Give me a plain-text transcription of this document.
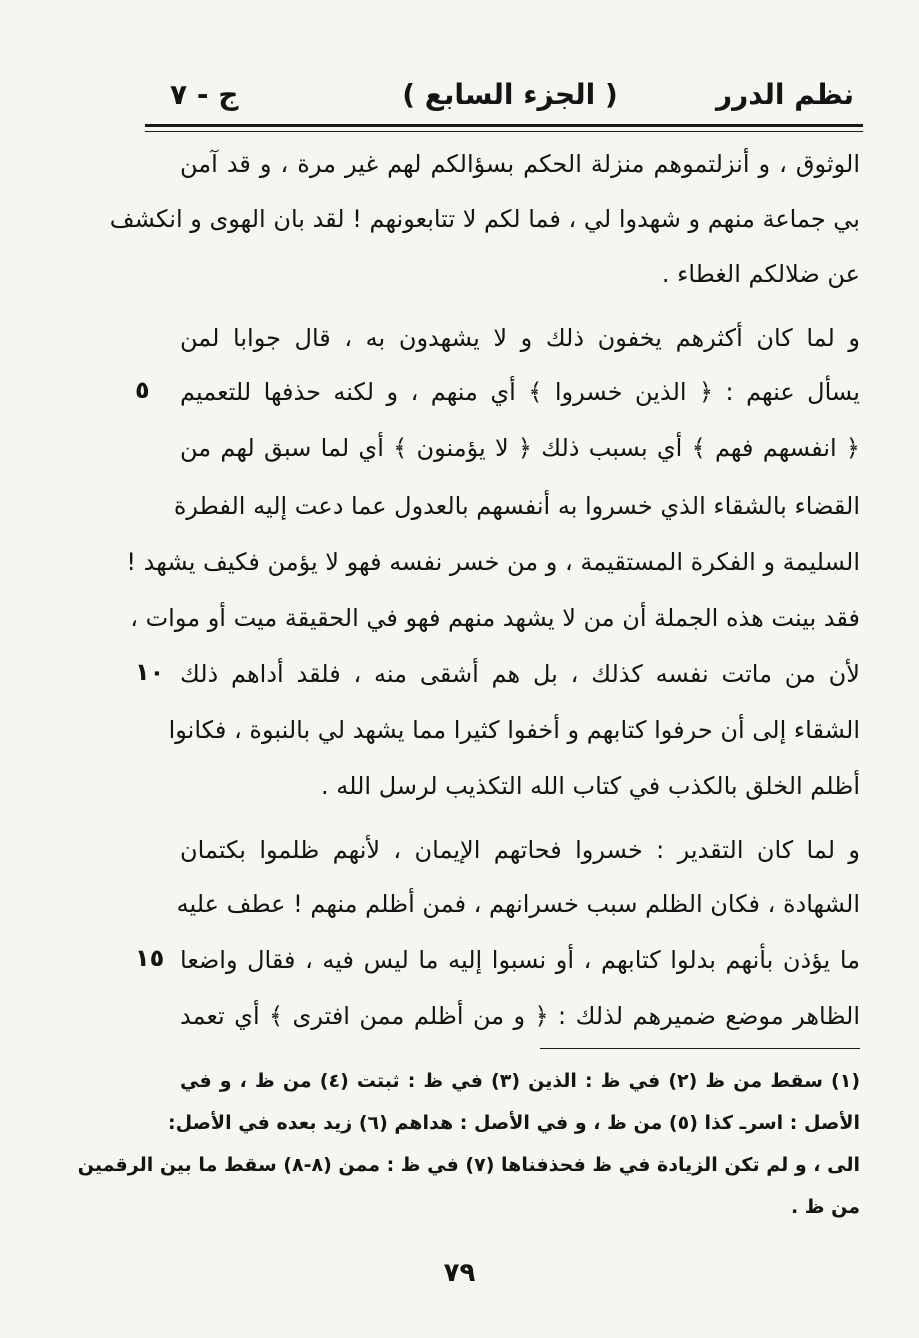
نظم الدرر
( الجزء السابع )
ج - ٧
الوثوق ، و أنزلتموهم منزلة الحكم بسؤالكم لهم غير مرة ، و قد آمن
بي جماعة منهم و شهدوا لي ، فما لكم لا تتابعونهم ! لقد بان الهوى و انكشف
عن ضلالكم الغطاء .
و لما كان أكثرهم يخفون ذلك و لا يشهدون به ، قال جوابا لمن
يسأل عنهم : ﴿ الذين خسروا ﴾ أي منهم ، و لكنه حذفها للتعميم
٥
﴿ انفسهم فهم ﴾ أي بسبب ذلك ﴿ لا يؤمنون ﴾ أي لما سبق لهم من
القضاء بالشقاء الذي خسروا به أنفسهم بالعدول عما دعت إليه الفطرة
السليمة و الفكرة المستقيمة ، و من خسر نفسه فهو لا يؤمن فكيف يشهد !
فقد بينت هذه الجملة أن من لا يشهد منهم فهو في الحقيقة ميت أو موات ،
لأن من ماتت نفسه كذلك ، بل هم أشقى منه ، فلقد أداهم ذلك
١٠
الشقاء إلى أن حرفوا كتابهم و أخفوا كثيرا مما يشهد لي بالنبوة ، فكانوا
أظلم الخلق بالكذب في كتاب الله التكذيب لرسل الله .
و لما كان التقدير : خسروا فحاتهم الإيمان ، لأنهم ظلموا بكتمان
الشهادة ، فكان الظلم سبب خسرانهم ، فمن أظلم منهم ! عطف عليه
ما يؤذن بأنهم بدلوا كتابهم ، أو نسبوا إليه ما ليس فيه ، فقال واضعا
١٥
الظاهر موضع ضميرهم لذلك : ﴿ و من أظلم ممن افترى ﴾ أي تعمد
(١) سقط من ظ (٢) في ظ : الذين (٣) في ظ : ثبتت (٤) من ظ ، و في
الأصل : اسرـ كذا (٥) من ظ ، و في الأصل : هداهم (٦) زيد بعده في الأصل:
الى ، و لم تكن الزيادة في ظ فحذفناها (٧) في ظ : ممن (٨-٨) سقط ما بين الرقمين
من ظ .
٧٩
